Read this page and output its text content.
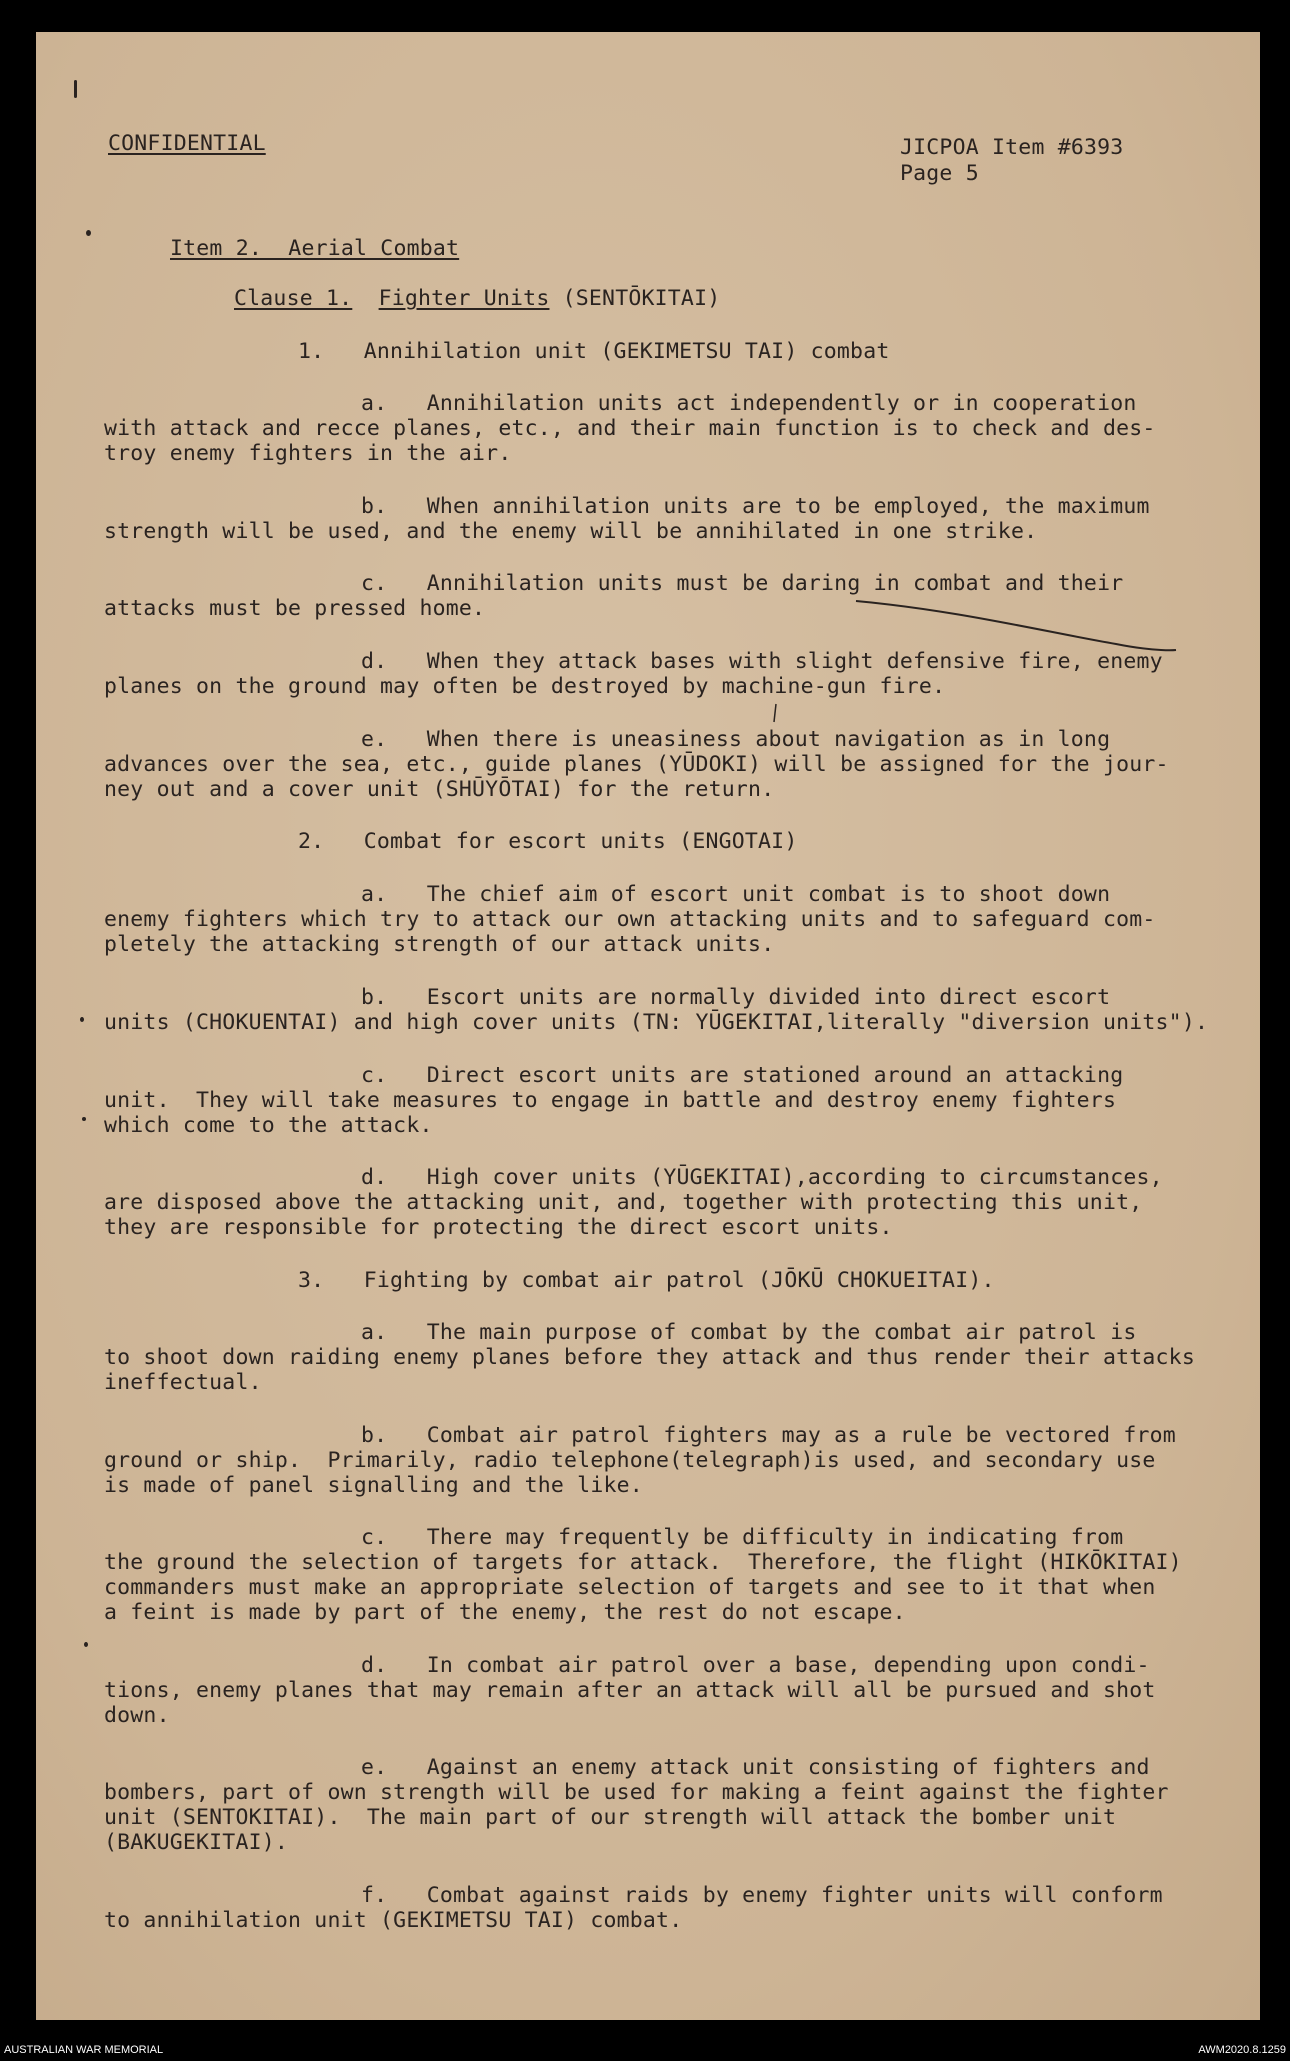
CONFIDENTIAL	JICPOA Item #6393
Page 5
Item 2.  Aerial Combat
Clause 1. Fighter Units (SENTŌKITAI)
1.   Annihilation unit (GEKIMETSU TAI) combat
a.   Annihilation units act independently or in cooperation
with attack and recce planes, etc., and their main function is to check and des-
troy enemy fighters in the air.
b.   When annihilation units are to be employed, the maximum
strength will be used, and the enemy will be annihilated in one strike.
c.   Annihilation units must be daring in combat and their
attacks must be pressed home.
d.   When they attack bases with slight defensive fire, enemy
planes on the ground may often be destroyed by machine-gun fire.
e.   When there is uneasiness about navigation as in long
advances over the sea, etc., guide planes (YŪDOKI) will be assigned for the jour-
ney out and a cover unit (SHŪYŌTAI) for the return.
2.   Combat for escort units (ENGOTAI)
a.   The chief aim of escort unit combat is to shoot down
enemy fighters which try to attack our own attacking units and to safeguard com-
pletely the attacking strength of our attack units.
b.   Escort units are normally divided into direct escort
units (CHOKUENTAI) and high cover units (TN: YŪGEKITAI,literally "diversion units").
c.   Direct escort units are stationed around an attacking
unit.  They will take measures to engage in battle and destroy enemy fighters
which come to the attack.
d.   High cover units (YŪGEKITAI),according to circumstances,
are disposed above the attacking unit, and, together with protecting this unit,
they are responsible for protecting the direct escort units.
3.   Fighting by combat air patrol (JŌKŪ CHOKUEITAI).
a.   The main purpose of combat by the combat air patrol is
to shoot down raiding enemy planes before they attack and thus render their attacks
ineffectual.
b.   Combat air patrol fighters may as a rule be vectored from
ground or ship.  Primarily, radio telephone(telegraph)is used, and secondary use
is made of panel signalling and the like.
c.   There may frequently be difficulty in indicating from
the ground the selection of targets for attack.  Therefore, the flight (HIKŌKITAI)
commanders must make an appropriate selection of targets and see to it that when
a feint is made by part of the enemy, the rest do not escape.
d.   In combat air patrol over a base, depending upon condi-
tions, enemy planes that may remain after an attack will all be pursued and shot
down.
e.   Against an enemy attack unit consisting of fighters and
bombers, part of own strength will be used for making a feint against the fighter
unit (SENTOKITAI).  The main part of our strength will attack the bomber unit
(BAKUGEKITAI).
f.   Combat against raids by enemy fighter units will conform
to annihilation unit (GEKIMETSU TAI) combat.
AUSTRALIAN WAR MEMORIAL	AWM2020.8.1259
